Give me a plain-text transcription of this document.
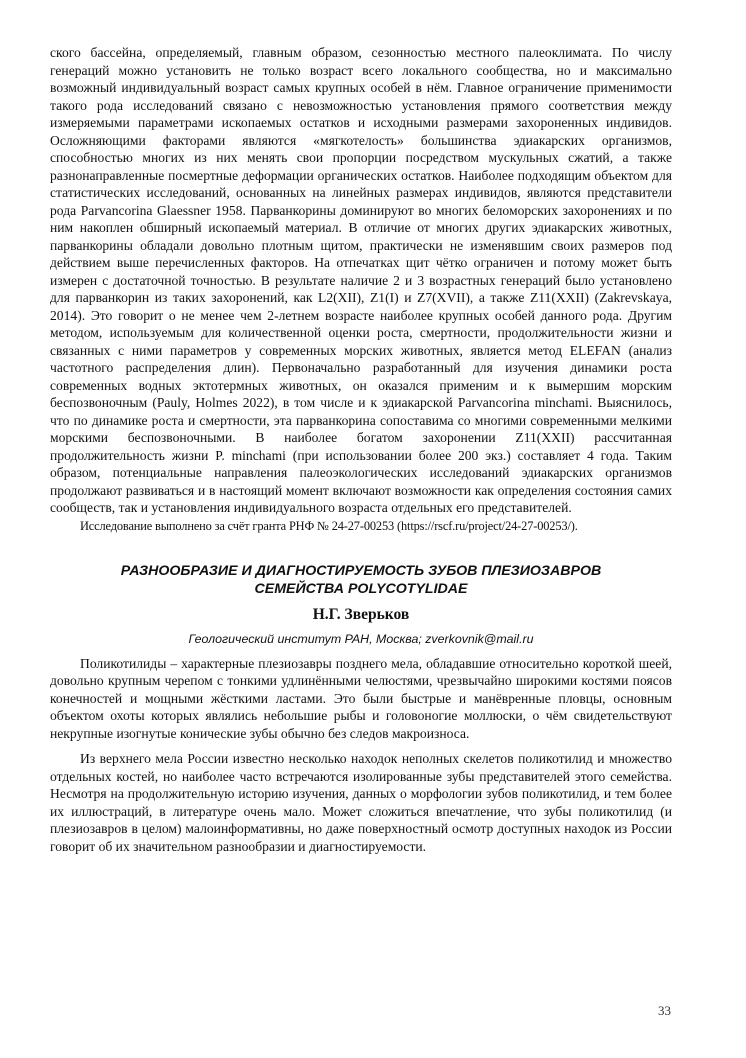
ского бассейна, определяемый, главным образом, сезонностью местного палеоклимата. По числу генераций можно установить не только возраст всего локального сообщества, но и максимально возможный индивидуальный возраст самых крупных особей в нём. Главное ограничение применимости такого рода исследований связано с невозможностью установления прямого соответствия между измеряемыми параметрами ископаемых остатков и исходными размерами захороненных индивидов. Осложняющими факторами являются «мягкотелость» большинства эдиакарских организмов, способностью многих из них менять свои пропорции посредством мускульных сжатий, а также разнонаправленные посмертные деформации органических остатков. Наиболее подходящим объектом для статистических исследований, основанных на линейных размерах индивидов, являются представители рода Parvancorina Glaessner 1958. Парванкорины доминируют во многих беломорских захоронениях и по ним накоплен обширный ископаемый материал. В отличие от многих других эдиакарских животных, парванкорины обладали довольно плотным щитом, практически не изменявшим своих размеров под действием выше перечисленных факторов. На отпечатках щит чётко ограничен и потому может быть измерен с достаточной точностью. В результате наличие 2 и 3 возрастных генераций было установлено для парванкорин из таких захоронений, как L2(XII), Z1(I) и Z7(XVII), а также Z11(XXII) (Zakrevskaya, 2014). Это говорит о не менее чем 2-летнем возрасте наиболее крупных особей данного рода. Другим методом, используемым для количественной оценки роста, смертности, продолжительности жизни и связанных с ними параметров у современных морских животных, является метод ELEFAN (анализ частотного распределения длин). Первоначально разработанный для изучения динамики роста современных водных эктотермных животных, он оказался применим и к вымершим морским беспозвоночным (Pauly, Holmes 2022), в том числе и к эдиакарской Parvancorina minchami. Выяснилось, что по динамике роста и смертности, эта парванкорина сопоставима со многими современными мелкими морскими беспозвоночными. В наиболее богатом захоронении Z11(XXII) рассчитанная продолжительность жизни P. minchami (при использовании более 200 экз.) составляет 4 года. Таким образом, потенциальные направления палеоэкологических исследований эдиакарских организмов продолжают развиваться и в настоящий момент включают возможности как определения состояния самих сообществ, так и установления индивидуального возраста отдельных его представителей.

Исследование выполнено за счёт гранта РНФ № 24-27-00253 (https://rscf.ru/project/24-27-00253/).

РАЗНООБРАЗИЕ И ДИАГНОСТИРУЕМОСТЬ ЗУБОВ ПЛЕЗИОЗАВРОВ
СЕМЕЙСТВА POLYCOTYLIDAE
Н.Г. Зверьков
Геологический институт РАН, Москва; zverkovnik@mail.ru

Поликотилиды – характерные плезиозавры позднего мела, обладавшие относительно короткой шеей, довольно крупным черепом с тонкими удлинёнными челюстями, чрезвычайно широкими костями поясов конечностей и мощными жёсткими ластами. Это были быстрые и манёвренные пловцы, основным объектом охоты которых являлись небольшие рыбы и головоногие моллюски, о чём свидетельствуют некрупные изогнутые конические зубы обычно без следов макроизноса.

Из верхнего мела России известно несколько находок неполных скелетов поликотилид и множество отдельных костей, но наиболее часто встречаются изолированные зубы представителей этого семейства. Несмотря на продолжительную историю изучения, данных о морфологии зубов поликотилид, и тем более их иллюстраций, в литературе очень мало. Может сложиться впечатление, что зубы поликотилид (и плезиозавров в целом) малоинформативны, но даже поверхностный осмотр доступных находок из России говорит об их значительном разнообразии и диагностируемости.

33
